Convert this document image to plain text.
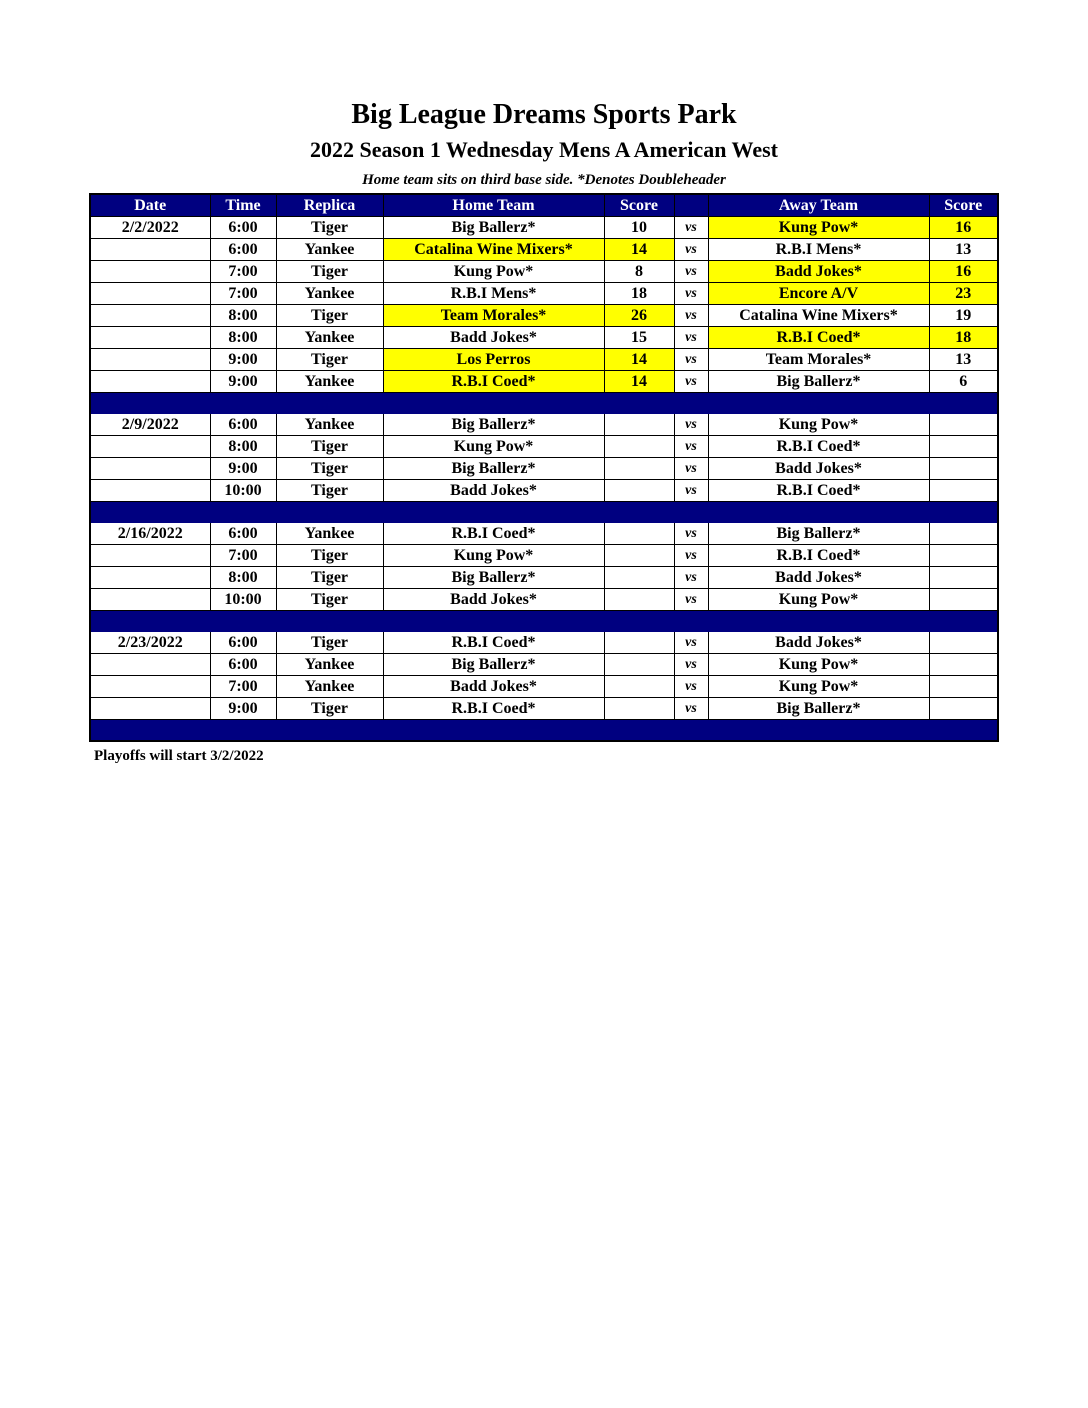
Big League Dreams Sports Park
2022 Season 1 Wednesday Mens A American West
Home team sits on third base side. *Denotes Doubleheader
Date	Time	Replica	Home Team	Score		Away Team	Score
2/2/2022	6:00	Tiger	Big Ballerz*	10	vs	Kung Pow*	16
	6:00	Yankee	Catalina Wine Mixers*	14	vs	R.B.I Mens*	13
	7:00	Tiger	Kung Pow*	8	vs	Badd Jokes*	16
	7:00	Yankee	R.B.I Mens*	18	vs	Encore A/V	23
	8:00	Tiger	Team Morales*	26	vs	Catalina Wine Mixers*	19
	8:00	Yankee	Badd Jokes*	15	vs	R.B.I Coed*	18
	9:00	Tiger	Los Perros	14	vs	Team Morales*	13
	9:00	Yankee	R.B.I Coed*	14	vs	Big Ballerz*	6

2/9/2022	6:00	Yankee	Big Ballerz*		vs	Kung Pow*	
	8:00	Tiger	Kung Pow*		vs	R.B.I Coed*	
	9:00	Tiger	Big Ballerz*		vs	Badd Jokes*	
	10:00	Tiger	Badd Jokes*		vs	R.B.I Coed*	

2/16/2022	6:00	Yankee	R.B.I Coed*		vs	Big Ballerz*	
	7:00	Tiger	Kung Pow*		vs	R.B.I Coed*	
	8:00	Tiger	Big Ballerz*		vs	Badd Jokes*	
	10:00	Tiger	Badd Jokes*		vs	Kung Pow*	

2/23/2022	6:00	Tiger	R.B.I Coed*		vs	Badd Jokes*	
	6:00	Yankee	Big Ballerz*		vs	Kung Pow*	
	7:00	Yankee	Badd Jokes*		vs	Kung Pow*	
	9:00	Tiger	R.B.I Coed*		vs	Big Ballerz*	

Playoffs will start 3/2/2022
